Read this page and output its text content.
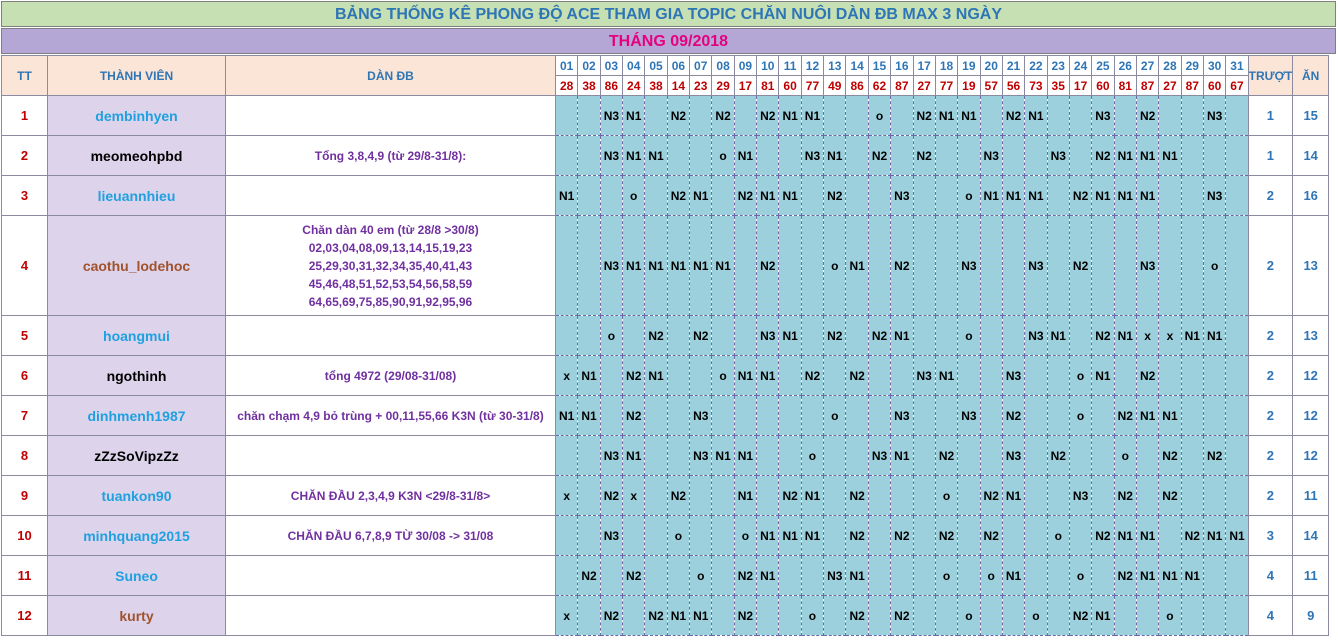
BẢNG THỐNG KÊ PHONG ĐỘ ACE THAM GIA TOPIC CHĂN NUÔI DÀN ĐB MAX 3 NGÀY
THÁNG 09/2018
TT	THÀNH VIÊN	DÀN ĐB	01	02	03	04	05	06	07	08	09	10	11	12	13	14	15	16	17	18	19	20	21	22	23	24	25	26	27	28	29	30	31	TRƯỢT	ĂN
			28	38	86	24	38	14	23	29	17	81	60	77	49	86	62	87	27	77	19	57	56	73	35	17	60	81	87	27	87	60	67		
1	dembinhyen				N3	N1		N2		N2		N2	N1	N1			o		N2	N1	N1		N2	N1			N3		N2			N3		1	15
2	meomeohpbd	Tổng 3,8,4,9 (từ 29/8-31/8):			N3	N1	N1			o	N1			N3	N1		N2		N2			N3			N3		N2	N1	N1	N1				1	14
3	lieuannhieu		N1			o		N2	N1		N2	N1	N1		N2			N3			o	N1	N1	N1		N2	N1	N1	N1			N3		2	16
4	caothu_lodehoc	Chăn dàn 40 em (từ 28/8 >30/8)
02,03,04,08,09,13,14,15,19,23
25,29,30,31,32,34,35,40,41,43
45,46,48,51,52,53,54,56,58,59
64,65,69,75,85,90,91,92,95,96			N3	N1	N1	N1	N1	N1		N2			o	N1		N2			N3			N3		N2			N3			o		2	13
5	hoangmui				o		N2		N2			N3	N1		N2		N2	N1			o			N3	N1		N2	N1	x	x	N1	N1		2	13
6	ngothinh	tổng 4972 (29/08-31/08)	x	N1		N2	N1			o	N1	N1		N2		N2			N3	N1			N3			o	N1		N2					2	12
7	dinhmenh1987	chăn chạm 4,9 bỏ trùng + 00,11,55,66 K3N (từ 30-31/8)	N1	N1		N2			N3						o			N3			N3		N2			o		N2	N1	N1				2	12
8	zZzSoVipzZz				N3	N1			N3	N1	N1			o			N3	N1		N2			N3		N2			o		N2		N2		2	12
9	tuankon90	CHĂN ĐẦU 2,3,4,9 K3N <29/8-31/8>	x		N2	x		N2			N1		N2	N1		N2				o		N2	N1			N3		N2		N2				2	11
10	minhquang2015	CHĂN ĐẦU 6,7,8,9 TỪ 30/08 -> 31/08			N3			o			o	N1	N1	N1		N2		N2		N2		N2			o		N2	N1	N1		N2	N1	N1	3	14
11	Suneo			N2		N2			o		N2	N1			N3	N1				o		o	N1			o		N2	N1	N1	N1			4	11
12	kurty		x		N2		N2	N1	N1		N2			o		N2		N2			o			o		N2	N1			o				4	9
